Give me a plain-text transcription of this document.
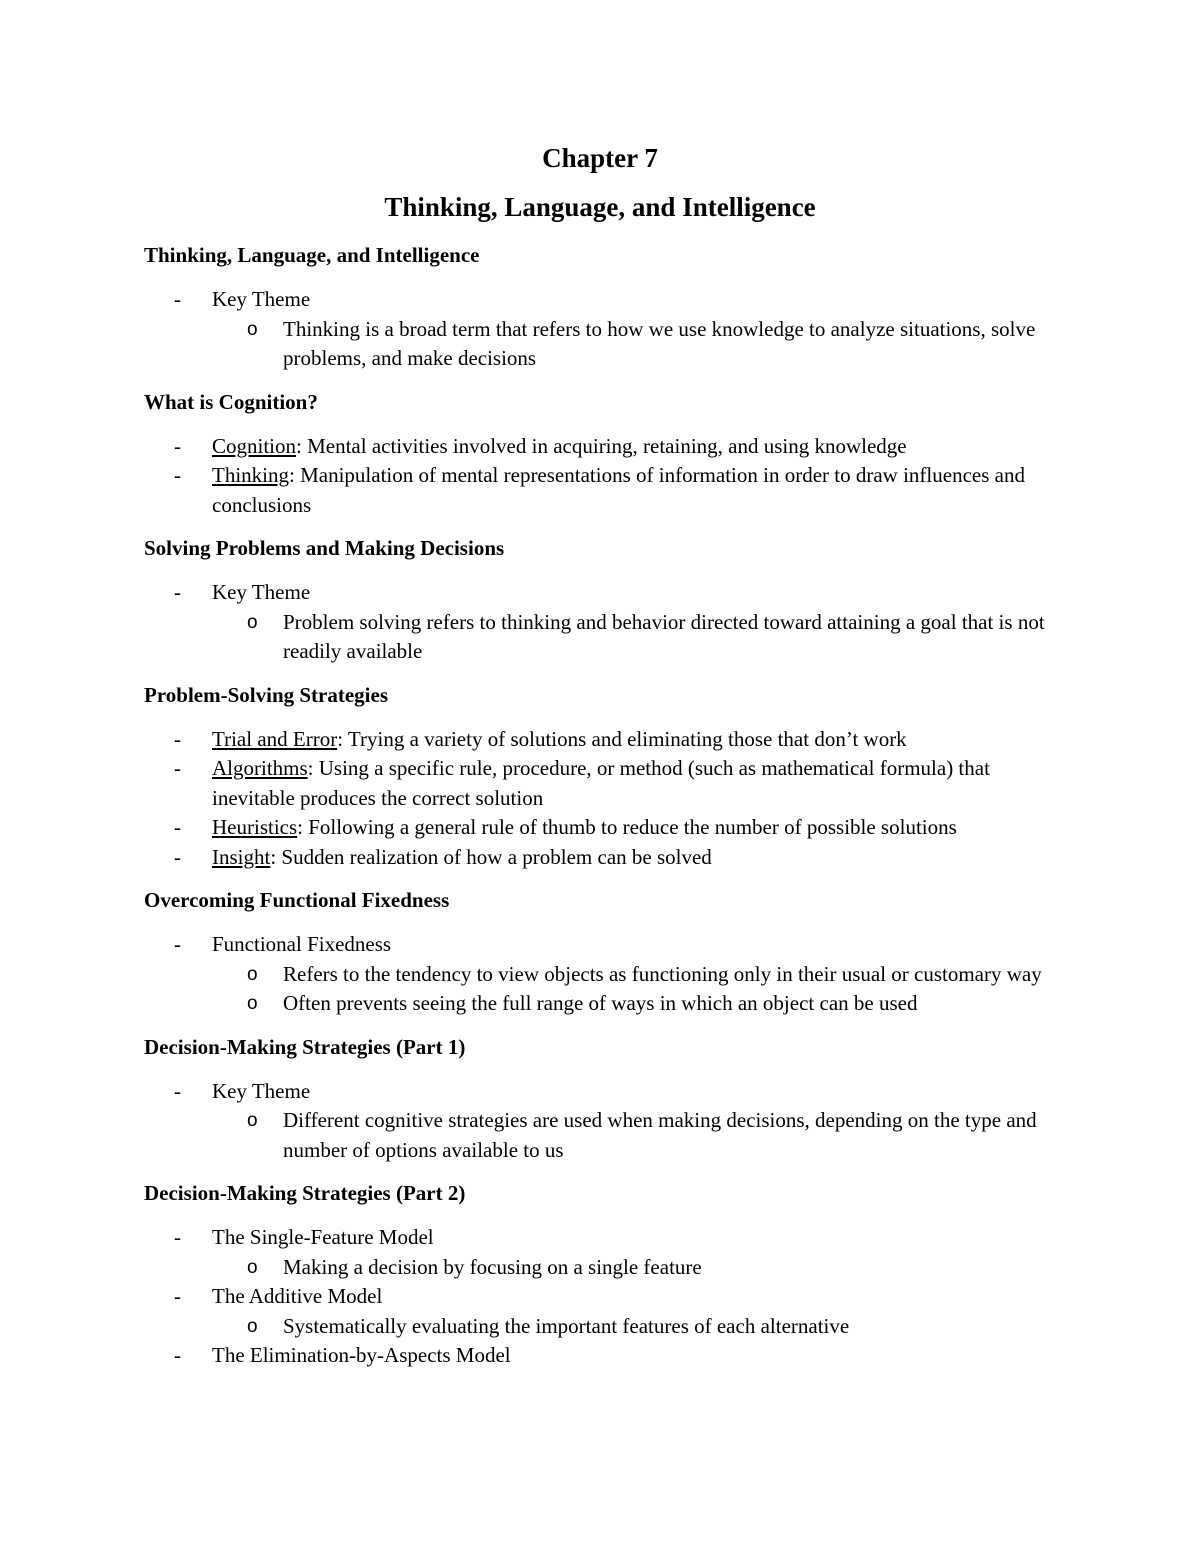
Chapter 7
Thinking, Language, and Intelligence
Thinking, Language, and Intelligence
- Key Theme
o Thinking is a broad term that refers to how we use knowledge to analyze situations, solve problems, and make decisions
What is Cognition?
- Cognition: Mental activities involved in acquiring, retaining, and using knowledge
- Thinking: Manipulation of mental representations of information in order to draw influences and conclusions
Solving Problems and Making Decisions
- Key Theme
o Problem solving refers to thinking and behavior directed toward attaining a goal that is not readily available
Problem-Solving Strategies
- Trial and Error: Trying a variety of solutions and eliminating those that don’t work
- Algorithms: Using a specific rule, procedure, or method (such as mathematical formula) that inevitable produces the correct solution
- Heuristics: Following a general rule of thumb to reduce the number of possible solutions
- Insight: Sudden realization of how a problem can be solved
Overcoming Functional Fixedness
- Functional Fixedness
o Refers to the tendency to view objects as functioning only in their usual or customary way
o Often prevents seeing the full range of ways in which an object can be used
Decision-Making Strategies (Part 1)
- Key Theme
o Different cognitive strategies are used when making decisions, depending on the type and number of options available to us
Decision-Making Strategies (Part 2)
- The Single-Feature Model
o Making a decision by focusing on a single feature
- The Additive Model
o Systematically evaluating the important features of each alternative
- The Elimination-by-Aspects Model
